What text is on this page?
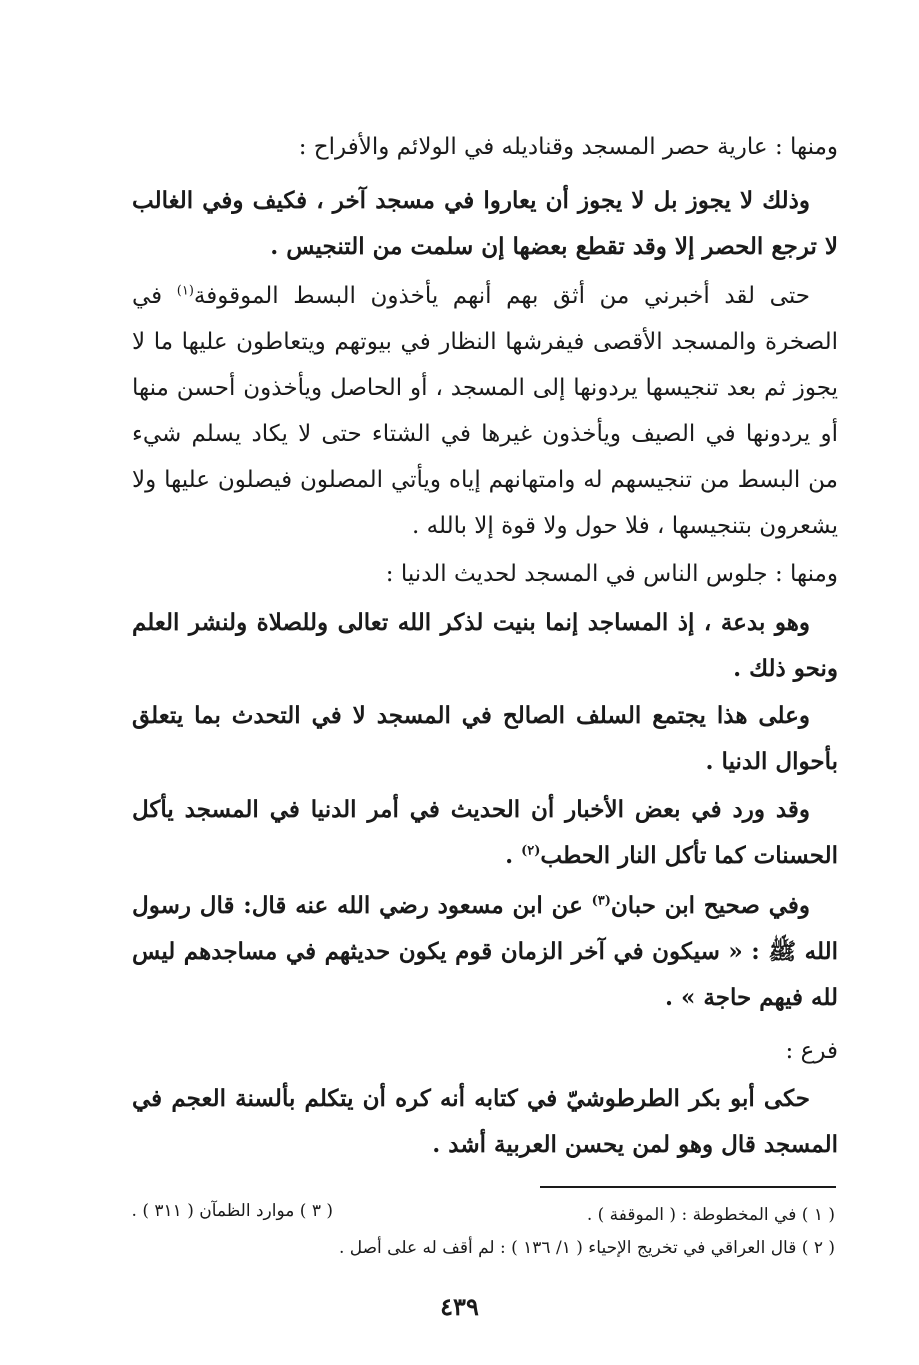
ومنها : عارية حصر المسجد وقناديله في الولائم والأفراح :
وذلك لا يجوز بل لا يجوز أن يعاروا في مسجد آخر ، فكيف وفي الغالب لا ترجع الحصر إلا وقد تقطع بعضها إن سلمت من التنجيس .
حتى لقد أخبرني من أثق بهم أنهم يأخذون البسط الموقوفة$^{(١)}$ في الصخرة والمسجد الأقصى فيفرشها النظار في بيوتهم ويتعاطون عليها ما لا يجوز ثم بعد تنجيسها يردونها إلى المسجد ، أو الحاصل ويأخذون أحسن منها أو يردونها في الصيف ويأخذون غيرها في الشتاء حتى لا يكاد يسلم شيء من البسط من تنجيسهم له وامتهانهم إياه ويأتي المصلون فيصلون عليها ولا يشعرون بتنجيسها ، فلا حول ولا قوة إلا بالله .
ومنها : جلوس الناس في المسجد لحديث الدنيا :
وهو بدعة ، إذ المساجد إنما بنيت لذكر الله تعالى وللصلاة ولنشر العلم ونحو ذلك .
وعلى هذا يجتمع السلف الصالح في المسجد لا في التحدث بما يتعلق بأحوال الدنيا .
وقد ورد في بعض الأخبار أن الحديث في أمر الدنيا في المسجد يأكل الحسنات كما تأكل النار الحطب$^{(٢)}$ .
وفي صحيح ابن حبان$^{(٣)}$ عن ابن مسعود رضي الله عنه قال: قال رسول الله ﷺ : « سيكون في آخر الزمان قوم يكون حديثهم في مساجدهم ليس لله فيهم حاجة » .
فرع :
حكى أبو بكر الطرطوشيّ في كتابه أنه كره أن يتكلم بألسنة العجم في المسجد قال وهو لمن يحسن العربية أشد .
( ١ ) في المخطوطة : ( الموقفة ) .
( ٣ ) موارد الظمآن ( ٣١١ ) .
( ٢ ) قال العراقي في تخريج الإحياء ( ١/ ١٣٦ ) : لم أقف له على أصل .
٤٣٩
